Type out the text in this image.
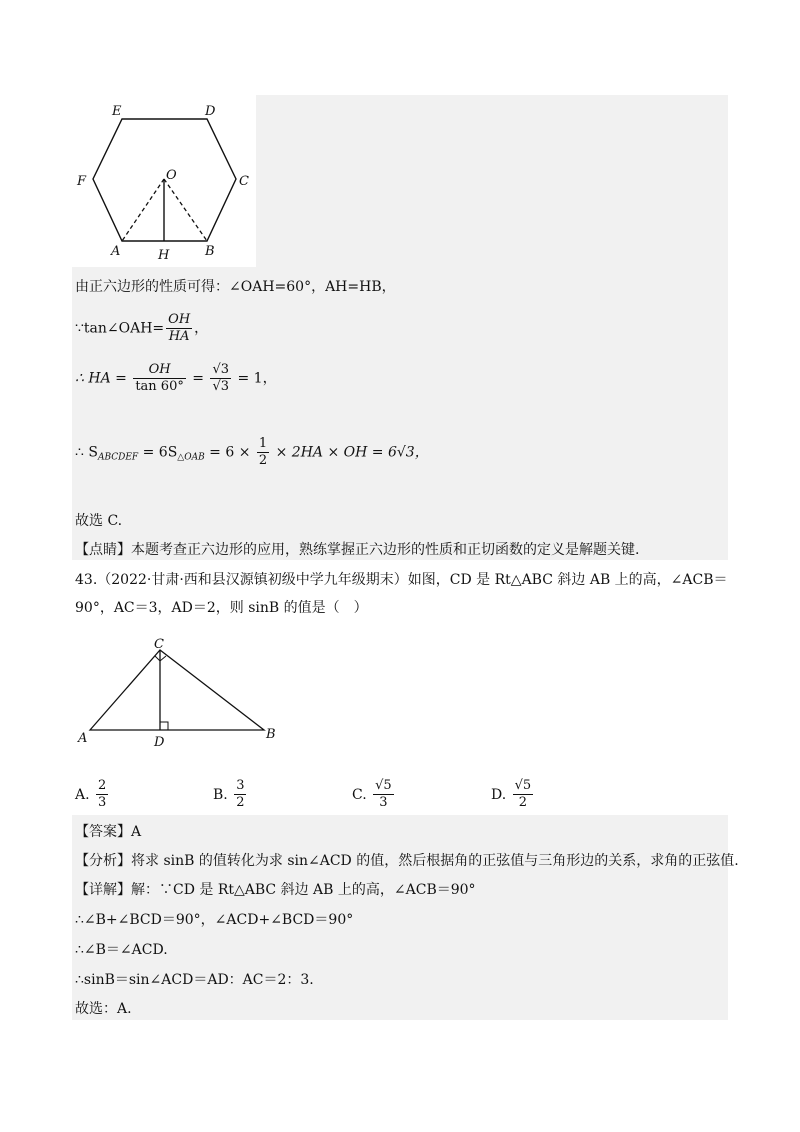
E	D
F	O	C
A	H	B
由正六边形的性质可得：∠OAH=60°，AH=HB，
∵tan∠OAH= $\frac{OH}{HA}$ ，
∴ HA = $\frac{OH}{\tan 60^\circ} = \frac{√3}{√3} = 1$，
∴ $S_{ABCDEF} = 6S_{\triangle OAB} = 6 \times \frac{1}{2} \times 2HA$ × OH = 6√3，
故选 C.
【点睛】本题考查正六边形的应用，熟练掌握正六边形的性质和正切函数的定义是解题关键.
43.（2022·甘肃·西和县汉源镇初级中学九年级期末）如图，CD 是 Rt△ABC 斜边 AB 上的高，∠ACB＝90°，AC＝3，AD＝2，则 sinB 的值是（　）
C
A	D
B
A. $\frac{2}{3}$	B. $\frac{3}{2}$	C. $\frac{√5}{3}$	D. $\frac{√5}{2}$
【答案】A
【分析】将求 sinB 的值转化为求 sin∠ACD 的值，然后根据角的正弦值与三角形边的关系，求角的正弦值.
【详解】解：∵CD 是 Rt△ABC 斜边 AB 上的高，∠ACB＝90°
∴∠B+∠BCD＝90°，∠ACD+∠BCD＝90°
∴∠B＝∠ACD.
∴sinB＝sin∠ACD＝AD：AC＝2：3.
故选：A.
